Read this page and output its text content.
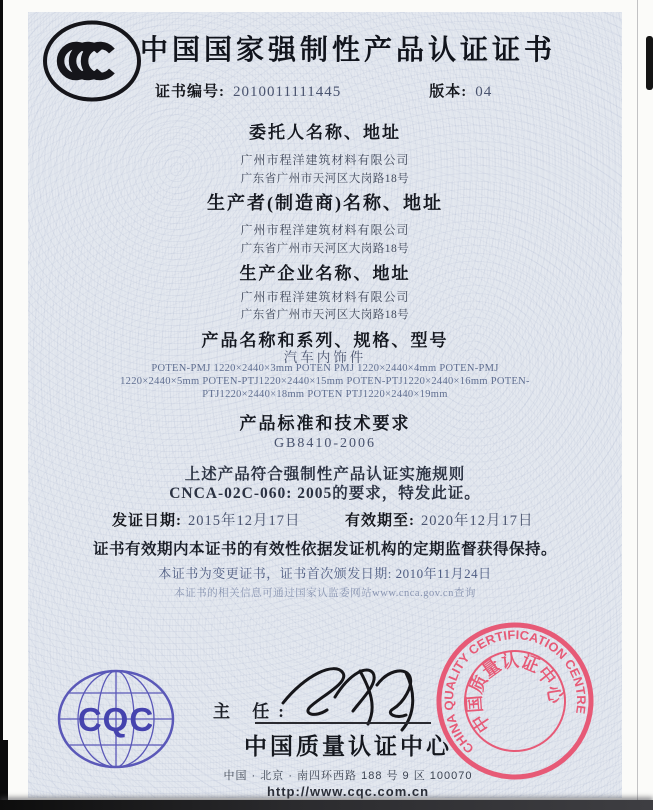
中国国家强制性产品认证证书
证书编号: 2010011111445	版本: 04
委托人名称、地址
广州市程洋建筑材料有限公司
广东省广州市天河区大岗路18号
生产者(制造商)名称、地址
广州市程洋建筑材料有限公司
广东省广州市天河区大岗路18号
生产企业名称、地址
广州市程洋建筑材料有限公司
广东省广州市天河区大岗路18号
产品名称和系列、规格、型号
汽车内饰件
POTEN-PMJ 1220×2440×3mm POTEN PMJ 1220×2440×4mm POTEN-PMJ
1220×2440×5mm POTEN-PTJ1220×2440×15mm POTEN-PTJ1220×2440×16mm POTEN-
PTJ1220×2440×18mm POTEN PTJ1220×2440×19mm
产品标准和技术要求
GB8410-2006
上述产品符合强制性产品认证实施规则
CNCA-02C-060: 2005的要求，特发此证。
发证日期: 2015年12月17日	有效期至: 2020年12月17日
证书有效期内本证书的有效性依据发证机构的定期监督获得保持。
本证书为变更证书，证书首次颁发日期: 2010年11月24日
本证书的相关信息可通过国家认监委网站www.cnca.gov.cn查询
CQC	主 任:
中国质量认证中心
中国 · 北京 · 南四环西路 188 号 9 区 100070
http://www.cqc.com.cn
CHINA QUALITY CERTIFICATION CENTRE
中国质量认证中心
